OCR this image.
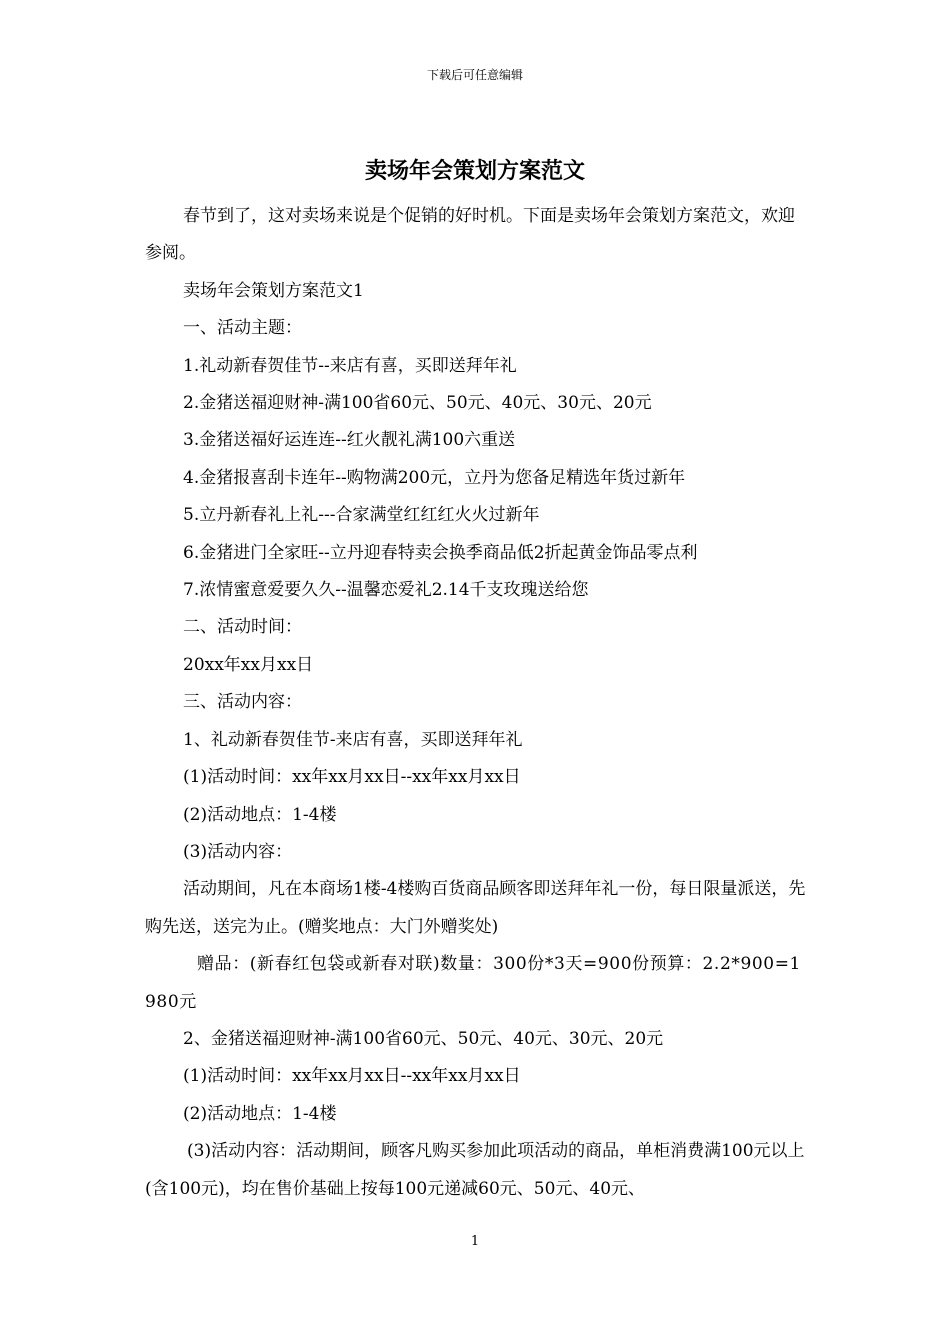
下载后可任意编辑
卖场年会策划方案范文

春节到了，这对卖场来说是个促销的好时机。下面是卖场年会策划方案范文，欢迎参阅。

卖场年会策划方案范文1

一、活动主题：

1.礼动新春贺佳节--来店有喜，买即送拜年礼

2.金猪送福迎财神-满100省60元、50元、40元、30元、20元

3.金猪送福好运连连--红火靓礼满100六重送

4.金猪报喜刮卡连年--购物满200元，立丹为您备足精选年货过新年

5.立丹新春礼上礼---合家满堂红红红火火过新年

6.金猪进门全家旺--立丹迎春特卖会换季商品低2折起黄金饰品零点利

7.浓情蜜意爱要久久--温馨恋爱礼2.14千支玫瑰送给您

二、活动时间：

20xx年xx月xx日

三、活动内容：

1、礼动新春贺佳节-来店有喜，买即送拜年礼

(1)活动时间：xx年xx月xx日--xx年xx月xx日

(2)活动地点：1-4楼

(3)活动内容：

活动期间，凡在本商场1楼-4楼购百货商品顾客即送拜年礼一份，每日限量派送，先购先送，送完为止。(赠奖地点：大门外赠奖处)

赠品：(新春红包袋或新春对联)数量：300份*3天=900份预算：2.2*900=1980元

2、金猪送福迎财神-满100省60元、50元、40元、30元、20元

(1)活动时间：xx年xx月xx日--xx年xx月xx日

(2)活动地点：1-4楼

(3)活动内容：活动期间，顾客凡购买参加此项活动的商品，单柜消费满100元以上(含100元)，均在售价基础上按每100元递减60元、50元、40元、

1
